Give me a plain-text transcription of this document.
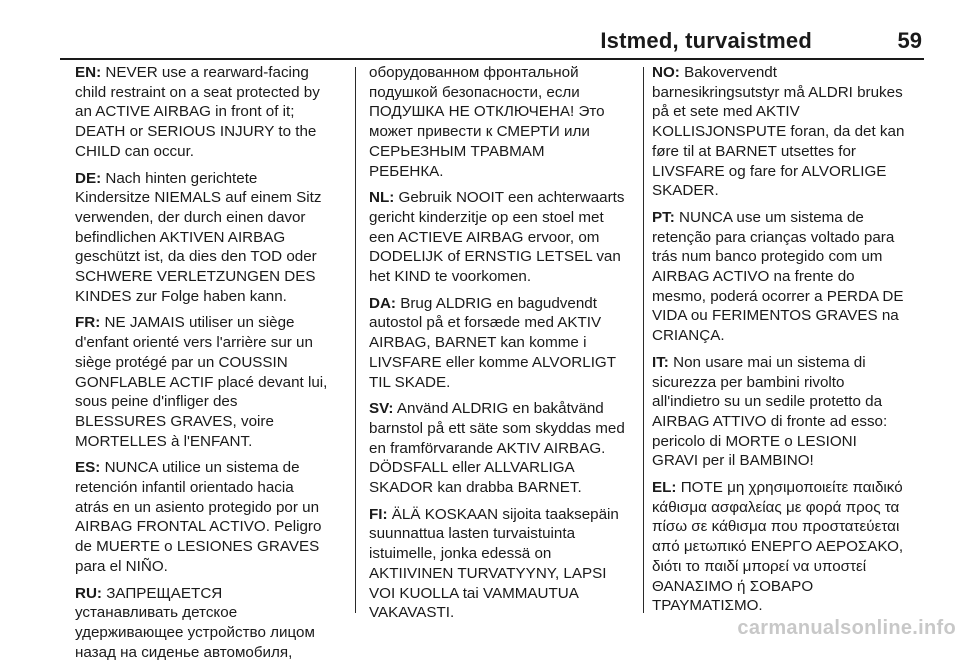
Istmed, turvaistmed	59
EN: NEVER use a rearward-facing
child restraint on a seat protected by
an ACTIVE AIRBAG in front of it;
DEATH or SERIOUS INJURY to the
CHILD can occur.
DE: Nach hinten gerichtete
Kindersitze NIEMALS auf einem Sitz
verwenden, der durch einen davor
befindlichen AKTIVEN AIRBAG
geschützt ist, da dies den TOD oder
SCHWERE VERLETZUNGEN DES
KINDES zur Folge haben kann.
FR: NE JAMAIS utiliser un siège
d'enfant orienté vers l'arrière sur un
siège protégé par un COUSSIN
GONFLABLE ACTIF placé devant lui,
sous peine d'infliger des
BLESSURES GRAVES, voire
MORTELLES à l'ENFANT.
ES: NUNCA utilice un sistema de
retención infantil orientado hacia
atrás en un asiento protegido por un
AIRBAG FRONTAL ACTIVO. Peligro
de MUERTE o LESIONES GRAVES
para el NIÑO.
RU: ЗАПРЕЩАЕТСЯ
устанавливать детское
удерживающее устройство лицом
назад на сиденье автомобиля,
оборудованном фронтальной
подушкой безопасности, если
ПОДУШКА НЕ ОТКЛЮЧЕНА! Это
может привести к СМЕРТИ или
СЕРЬЕЗНЫМ ТРАВМАМ
РЕБЕНКА.
NL: Gebruik NOOIT een achterwaarts
gericht kinderzitje op een stoel met
een ACTIEVE AIRBAG ervoor, om
DODELIJK of ERNSTIG LETSEL van
het KIND te voorkomen.
DA: Brug ALDRIG en bagudvendt
autostol på et forsæde med AKTIV
AIRBAG, BARNET kan komme i
LIVSFARE eller komme ALVORLIGT
TIL SKADE.
SV: Använd ALDRIG en bakåtvänd
barnstol på ett säte som skyddas med
en framförvarande AKTIV AIRBAG.
DÖDSFALL eller ALLVARLIGA
SKADOR kan drabba BARNET.
FI: ÄLÄ KOSKAAN sijoita taaksepäin
suunnattua lasten turvaistuinta
istuimelle, jonka edessä on
AKTIIVINEN TURVATYYNY, LAPSI
VOI KUOLLA tai VAMMAUTUA
VAKAVASTI.
NO: Bakovervendt
barnesikringsutstyr må ALDRI brukes
på et sete med AKTIV
KOLLISJONSPUTE foran, da det kan
føre til at BARNET utsettes for
LIVSFARE og fare for ALVORLIGE
SKADER.
PT: NUNCA use um sistema de
retenção para crianças voltado para
trás num banco protegido com um
AIRBAG ACTIVO na frente do
mesmo, poderá ocorrer a PERDA DE
VIDA ou FERIMENTOS GRAVES na
CRIANÇA.
IT: Non usare mai un sistema di
sicurezza per bambini rivolto
all'indietro su un sedile protetto da
AIRBAG ATTIVO di fronte ad esso:
pericolo di MORTE o LESIONI
GRAVI per il BAMBINO!
EL: ΠΟΤΕ μη χρησιμοποιείτε παιδικό
κάθισμα ασφαλείας με φορά προς τα
πίσω σε κάθισμα που προστατεύεται
από μετωπικό ΕΝΕΡΓΟ ΑΕΡΟΣΑΚΟ,
διότι το παιδί μπορεί να υποστεί
ΘΑΝΑΣΙΜΟ ή ΣΟΒΑΡΟ
ΤΡΑΥΜΑΤΙΣΜΟ.
carmanualsonline.info
